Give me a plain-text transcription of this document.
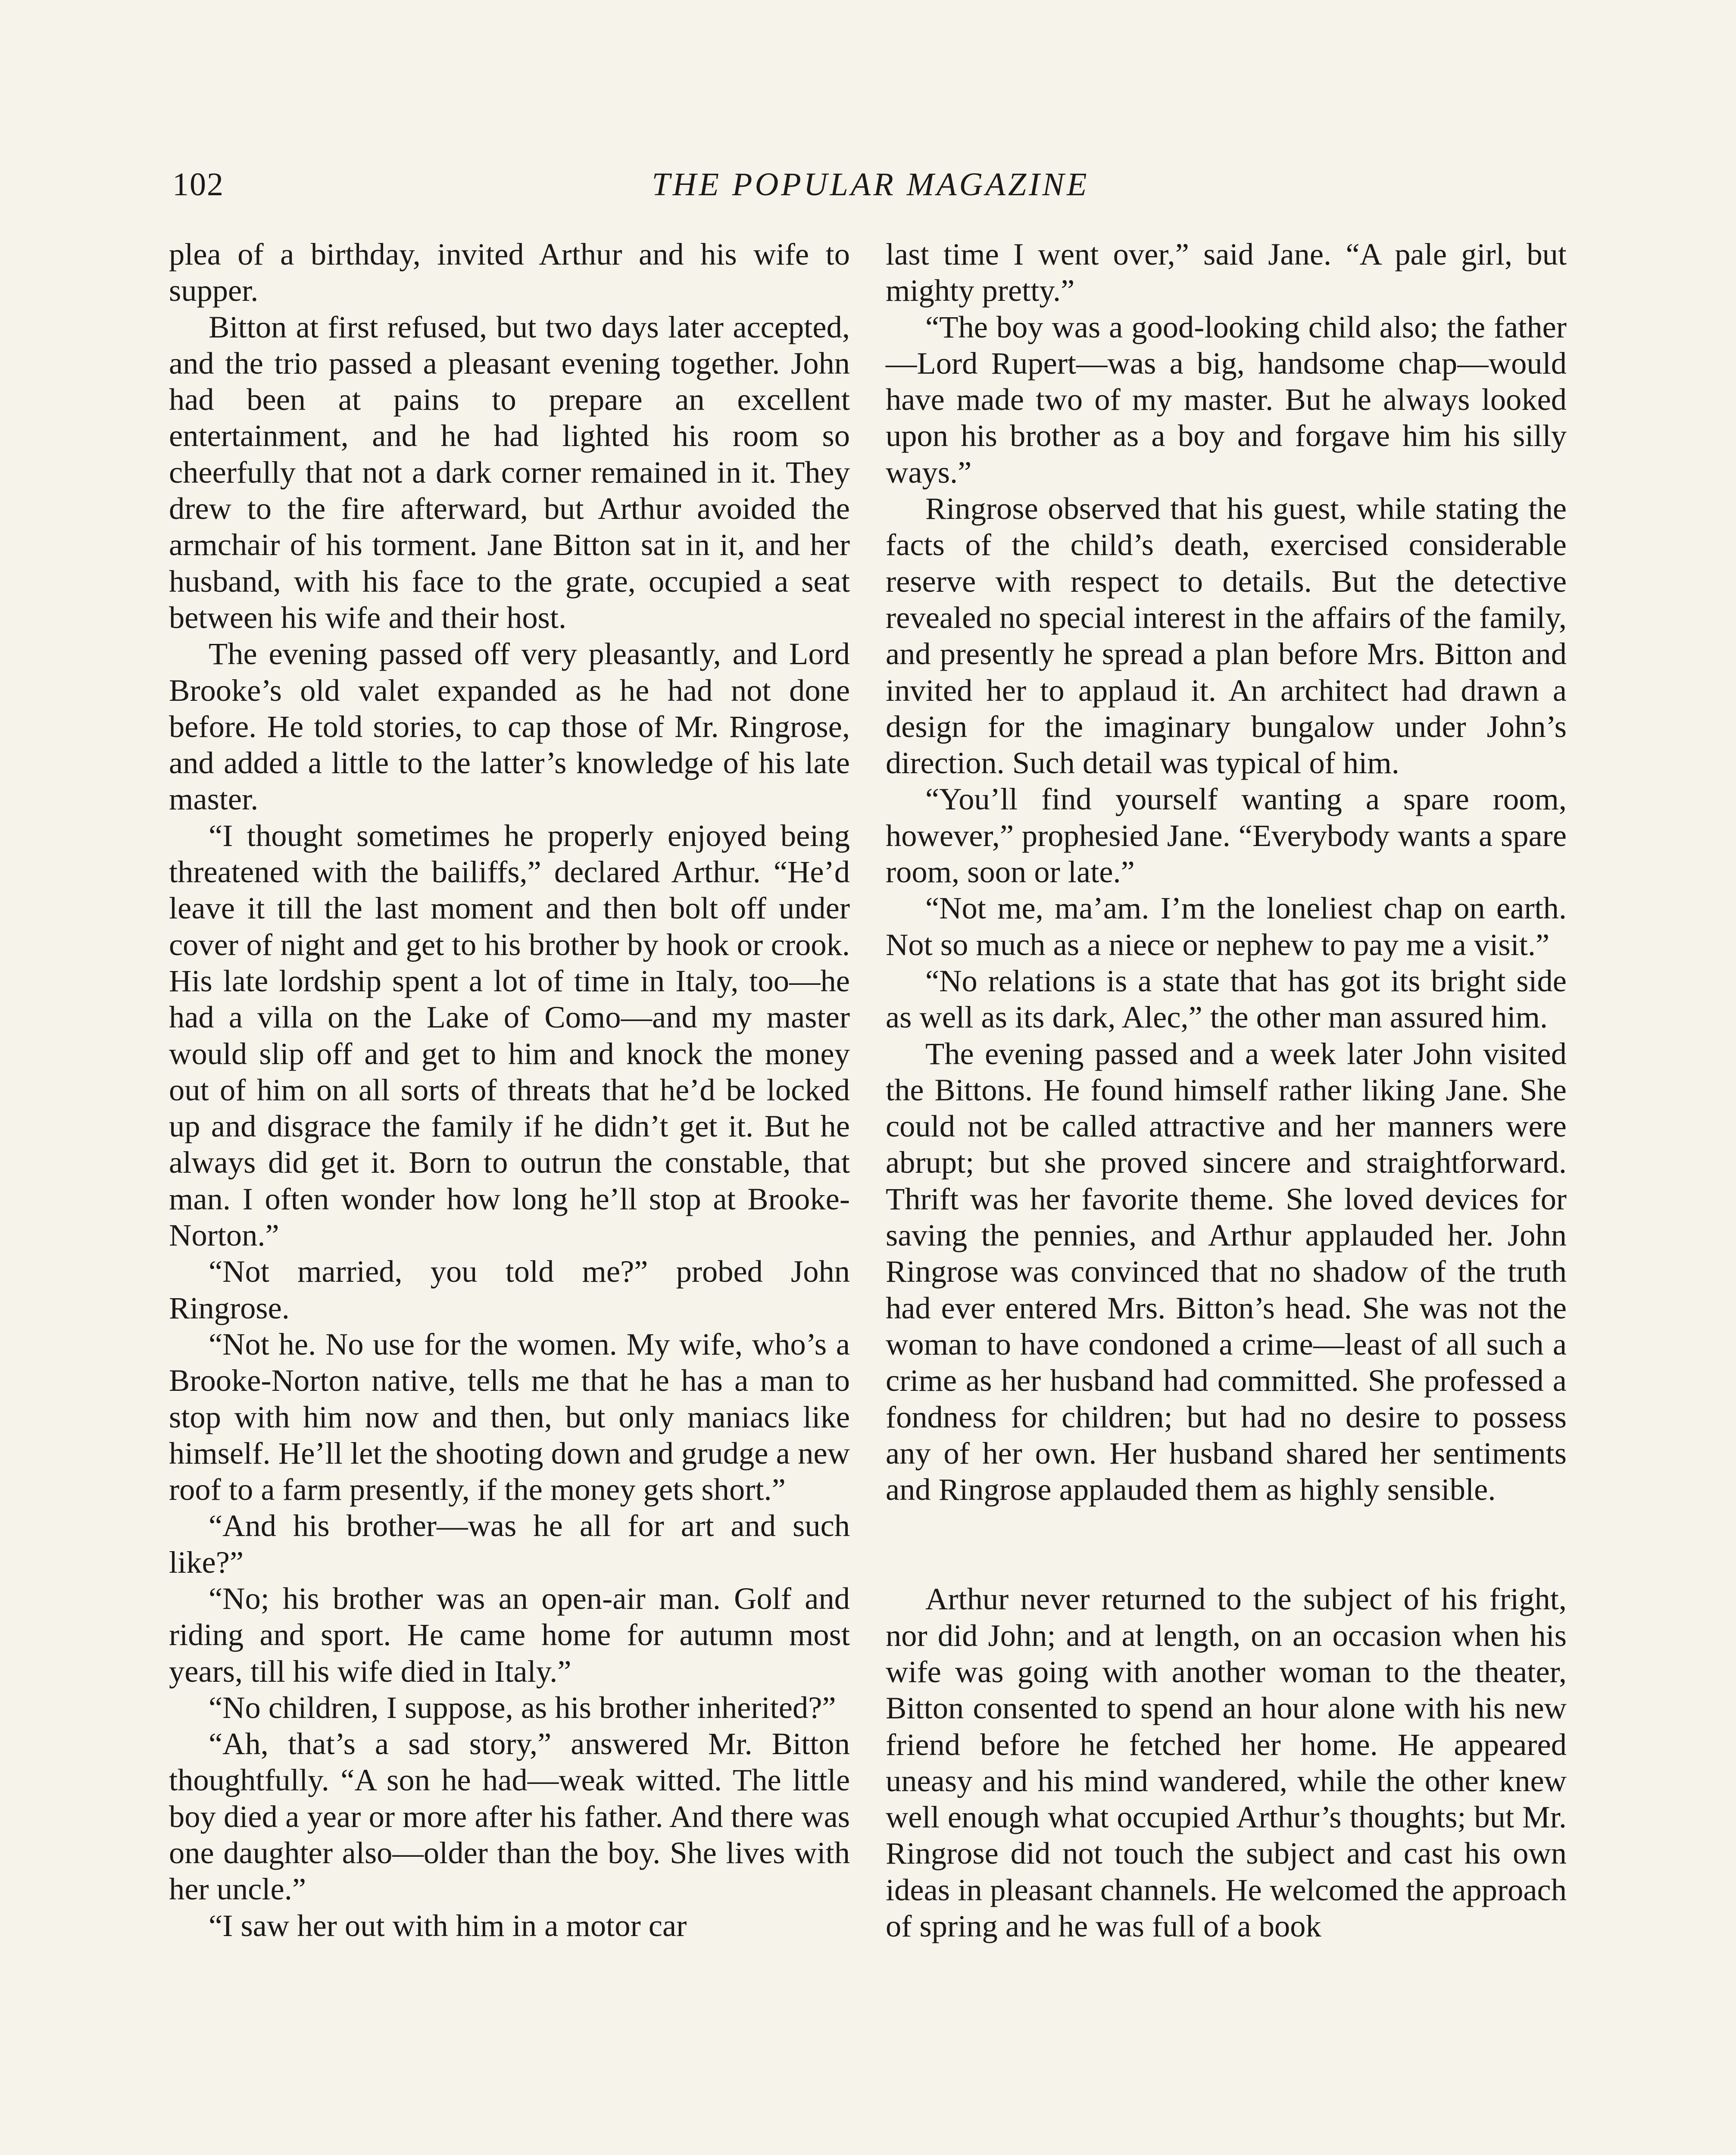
102	THE POPULAR MAGAZINE

plea of a birthday, invited Arthur and his wife to supper.

Bitton at first refused, but two days later accepted, and the trio passed a pleasant evening together. John had been at pains to prepare an excellent entertainment, and he had lighted his room so cheerfully that not a dark corner remained in it. They drew to the fire afterward, but Arthur avoided the armchair of his torment. Jane Bitton sat in it, and her husband, with his face to the grate, occupied a seat between his wife and their host.

The evening passed off very pleasantly, and Lord Brooke’s old valet expanded as he had not done before. He told stories, to cap those of Mr. Ringrose, and added a little to the latter’s knowledge of his late master.

“I thought sometimes he properly enjoyed being threatened with the bailiffs,” declared Arthur. “He’d leave it till the last moment and then bolt off under cover of night and get to his brother by hook or crook. His late lordship spent a lot of time in Italy, too—he had a villa on the Lake of Como—and my master would slip off and get to him and knock the money out of him on all sorts of threats that he’d be locked up and disgrace the family if he didn’t get it. But he always did get it. Born to outrun the constable, that man. I often wonder how long he’ll stop at Brooke-Norton.”

“Not married, you told me?” probed John Ringrose.

“Not he. No use for the women. My wife, who’s a Brooke-Norton native, tells me that he has a man to stop with him now and then, but only maniacs like himself. He’ll let the shooting down and grudge a new roof to a farm presently, if the money gets short.”

“And his brother—was he all for art and such like?”

“No; his brother was an open-air man. Golf and riding and sport. He came home for autumn most years, till his wife died in Italy.”

“No children, I suppose, as his brother inherited?”

“Ah, that’s a sad story,” answered Mr. Bitton thoughtfully. “A son he had—weak witted. The little boy died a year or more after his father. And there was one daughter also—older than the boy. She lives with her uncle.”

“I saw her out with him in a motor car

last time I went over,” said Jane. “A pale girl, but mighty pretty.”

“The boy was a good-looking child also; the father—Lord Rupert—was a big, handsome chap—would have made two of my master. But he always looked upon his brother as a boy and forgave him his silly ways.”

Ringrose observed that his guest, while stating the facts of the child’s death, exercised considerable reserve with respect to details. But the detective revealed no special interest in the affairs of the family, and presently he spread a plan before Mrs. Bitton and invited her to applaud it. An architect had drawn a design for the imaginary bungalow under John’s direction. Such detail was typical of him.

“You’ll find yourself wanting a spare room, however,” prophesied Jane. “Everybody wants a spare room, soon or late.”

“Not me, ma’am. I’m the loneliest chap on earth. Not so much as a niece or nephew to pay me a visit.”

“No relations is a state that has got its bright side as well as its dark, Alec,” the other man assured him.

The evening passed and a week later John visited the Bittons. He found himself rather liking Jane. She could not be called attractive and her manners were abrupt; but she proved sincere and straightforward. Thrift was her favorite theme. She loved devices for saving the pennies, and Arthur applauded her. John Ringrose was convinced that no shadow of the truth had ever entered Mrs. Bitton’s head. She was not the woman to have condoned a crime—least of all such a crime as her husband had committed. She professed a fondness for children; but had no desire to possess any of her own. Her husband shared her sentiments and Ringrose applauded them as highly sensible.

Arthur never returned to the subject of his fright, nor did John; and at length, on an occasion when his wife was going with another woman to the theater, Bitton consented to spend an hour alone with his new friend before he fetched her home. He appeared uneasy and his mind wandered, while the other knew well enough what occupied Arthur’s thoughts; but Mr. Ringrose did not touch the subject and cast his own ideas in pleasant channels. He welcomed the approach of spring and he was full of a book
